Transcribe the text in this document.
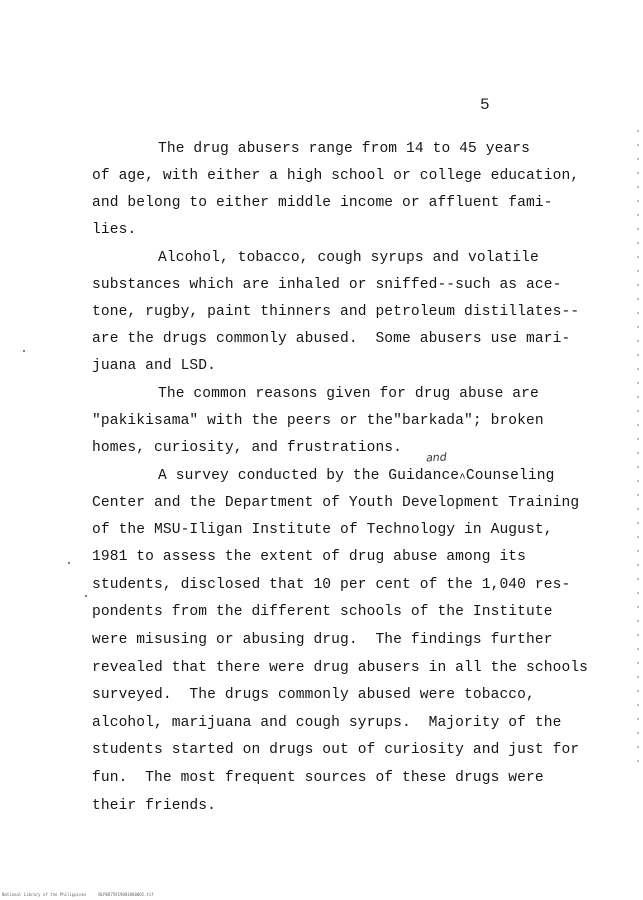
5
The drug abusers range from 14 to 45 years
of age, with either a high school or college education,
and belong to either middle income or affluent fami-
lies.
Alcohol, tobacco, cough syrups and volatile
substances which are inhaled or sniffed--such as ace-
tone, rugby, paint thinners and petroleum distillates--
are the drugs commonly abused.  Some abusers use mari-
juana and LSD.
The common reasons given for drug abuse are
"pakikisama" with the peers or the"barkada"; broken
homes, curiosity, and frustrations.
and
A survey conducted by the Guidance^Counseling
Center and the Department of Youth Development Training
of the MSU-Iligan Institute of Technology in August,
1981 to assess the extent of drug abuse among its
students, disclosed that 10 per cent of the 1,040 res-
pondents from the different schools of the Institute
were misusing or abusing drug.  The findings further
revealed that there were drug abusers in all the schools
surveyed.  The drugs commonly abused were tobacco,
alcohol, marijuana and cough syrups.  Majority of the
students started on drugs out of curiosity and just for
fun.  The most frequent sources of these drugs were
their friends.
National Library of the Philippines     NLP0875919001000005.tif
